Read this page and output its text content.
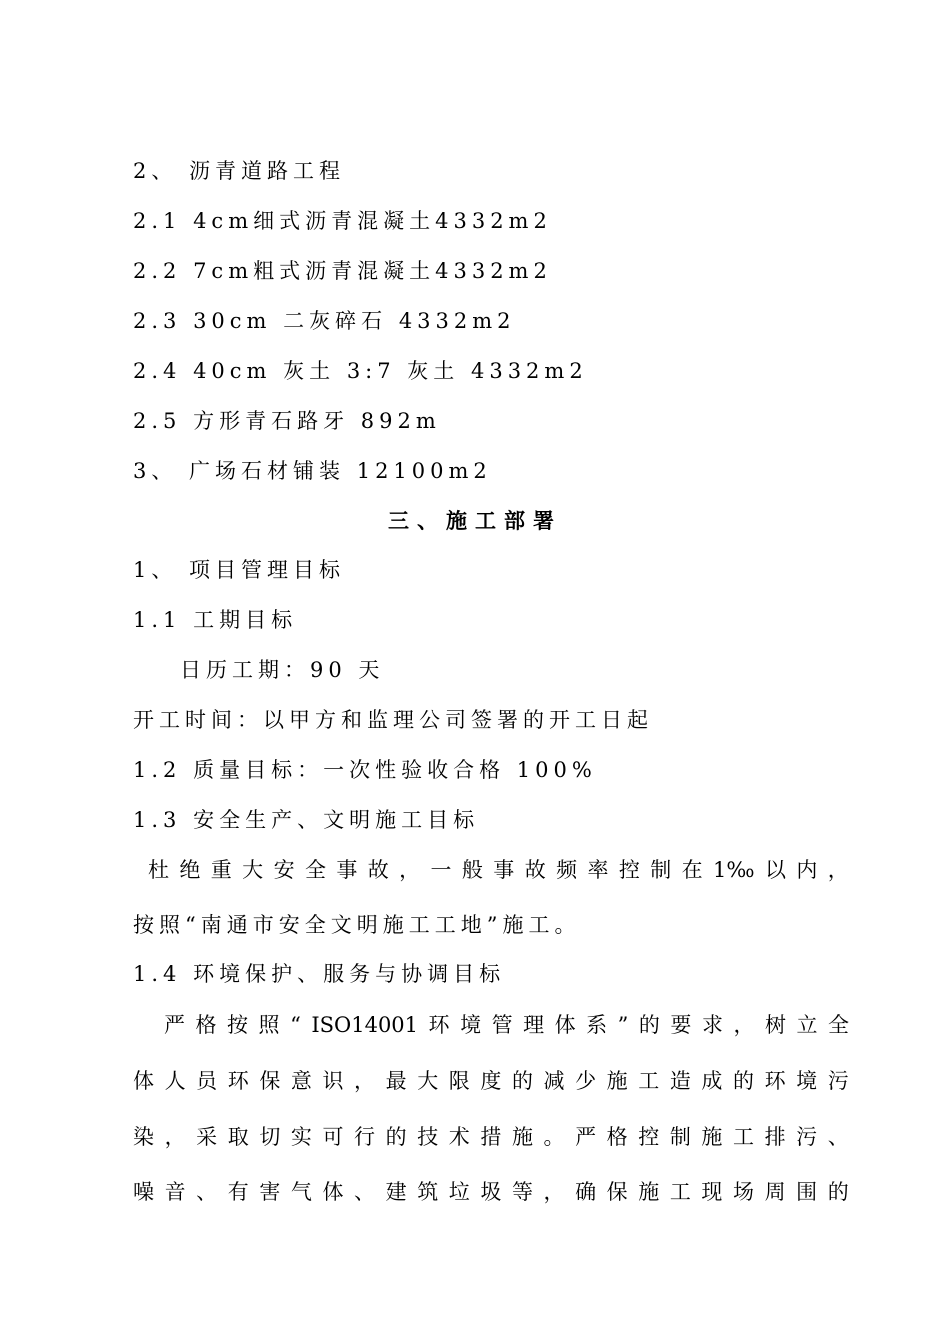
2、 沥青道路工程
2.1 4cm细式沥青混凝土4332m2
2.2 7cm粗式沥青混凝土4332m2
2.3 30cm 二灰碎石 4332m2
2.4 40cm 灰土 3:7 灰土 4332m2
2.5 方形青石路牙 892m
3、 广场石材铺装 12100m2
三、施工部署
1、 项目管理目标
1.1 工期目标
日历工期：90 天
开工时间：以甲方和监理公司签署的开工日起
1.2 质量目标：一次性验收合格 100%
1.3 安全生产、文明施工目标
杜 绝 重 大 安 全 事 故 ， 一 般 事 故 频 率 控 制 在 1‰ 以 内 ，
按照“南通市安全文明施工工地”施工。
1.4 环境保护、服务与协调目标
严 格 按 照 “ ISO14001 环 境 管 理 体 系 ” 的 要 求 ， 树 立 全
体 人 员 环 保 意 识 ， 最 大 限 度 的 减 少 施 工 造 成 的 环 境 污
染 ， 采 取 切 实 可 行 的 技 术 措 施 。 严 格 控 制 施 工 排 污 、
噪 音 、 有 害 气 体 、 建 筑 垃 圾 等 ， 确 保 施 工 现 场 周 围 的
